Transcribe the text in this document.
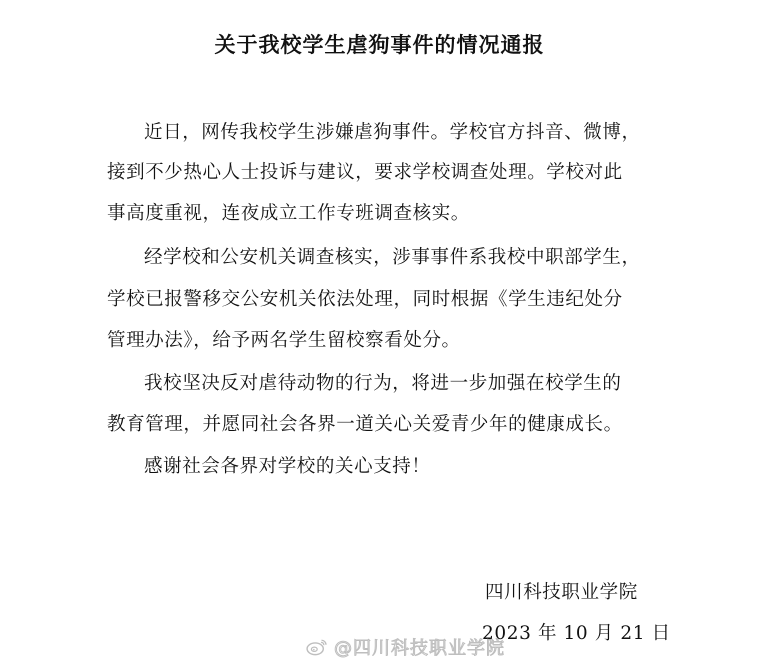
关于我校学生虐狗事件的情况通报
近日，网传我校学生涉嫌虐狗事件。学校官方抖音、微博，
接到不少热心人士投诉与建议，要求学校调查处理。学校对此
事高度重视，连夜成立工作专班调查核实。
经学校和公安机关调查核实，涉事事件系我校中职部学生，
学校已报警移交公安机关依法处理，同时根据《学生违纪处分
管理办法》，给予两名学生留校察看处分。
我校坚决反对虐待动物的行为，将进一步加强在校学生的
教育管理，并愿同社会各界一道关心关爱青少年的健康成长。
感谢社会各界对学校的关心支持！
四川科技职业学院
2023 年 10 月 21 日
@四川科技职业学院
